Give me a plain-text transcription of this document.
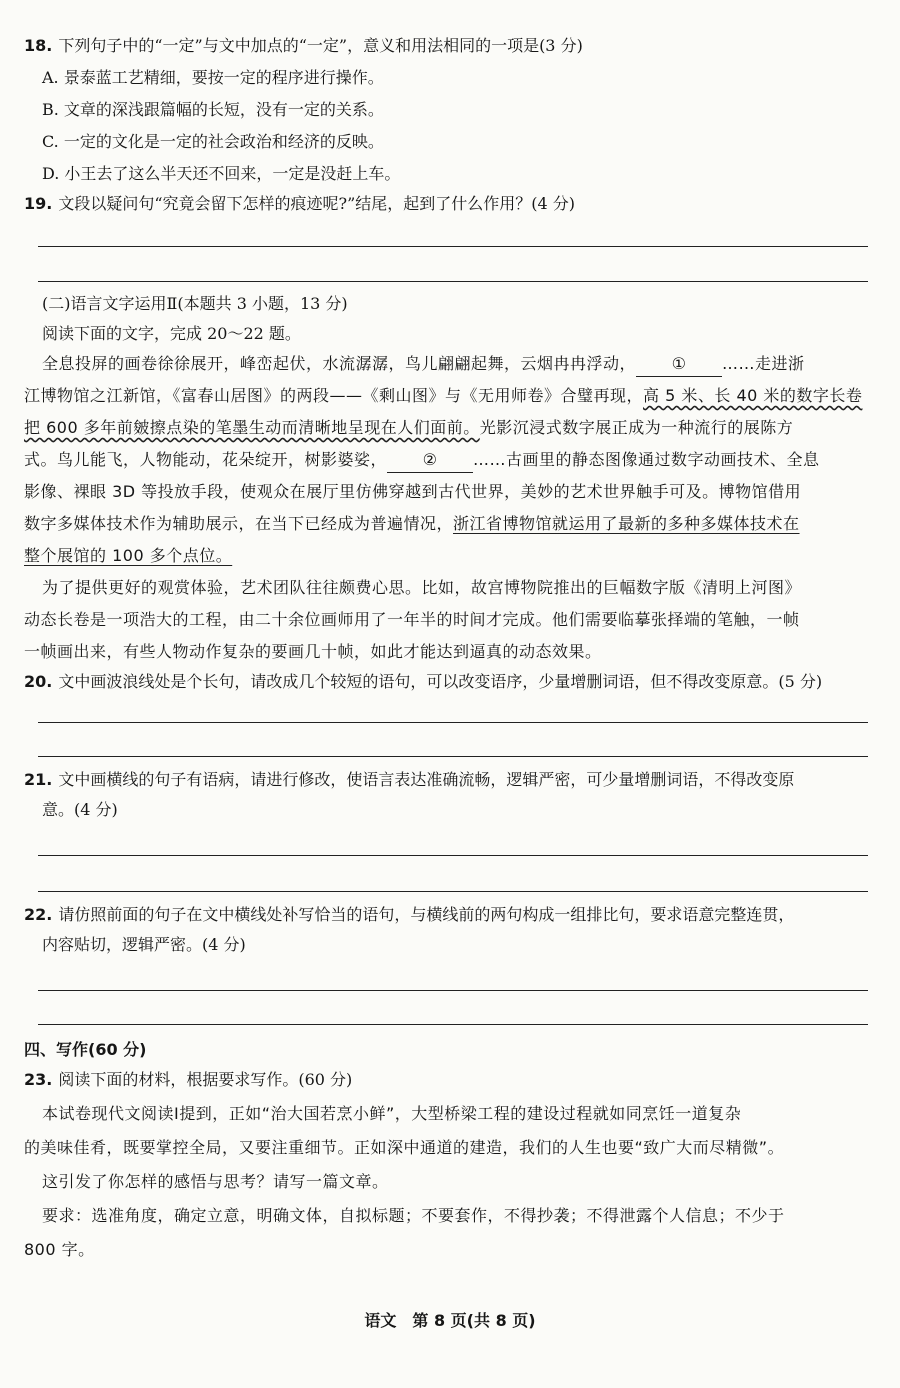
18. 下列句子中的“一定”与文中加点的“一定”，意义和用法相同的一项是(3 分)
A. 景泰蓝工艺精细，要按一定的程序进行操作。
B. 文章的深浅跟篇幅的长短，没有一定的关系。
C. 一定的文化是一定的社会政治和经济的反映。
D. 小王去了这么半天还不回来，一定是没赶上车。
19. 文段以疑问句“究竟会留下怎样的痕迹呢?”结尾，起到了什么作用？(4 分)
(二)语言文字运用Ⅱ(本题共 3 小题，13 分)
阅读下面的文字，完成 20～22 题。
全息投屏的画卷徐徐展开，峰峦起伏，水流潺潺，鸟儿翩翩起舞，云烟冉冉浮动， ① ……走进浙
江博物馆之江新馆，《富春山居图》的两段——《剩山图》与《无用师卷》合璧再现，高 5 米、长 40 米的数字长卷
把 600 多年前皴擦点染的笔墨生动而清晰地呈现在人们面前。光影沉浸式数字展正成为一种流行的展陈方
式。鸟儿能飞，人物能动，花朵绽开，树影婆娑， ② ……古画里的静态图像通过数字动画技术、全息
影像、裸眼 3D 等投放手段，使观众在展厅里仿佛穿越到古代世界，美妙的艺术世界触手可及。博物馆借用
数字多媒体技术作为辅助展示，在当下已经成为普遍情况，浙江省博物馆就运用了最新的多种多媒体技术在
整个展馆的 100 多个点位。
为了提供更好的观赏体验，艺术团队往往颇费心思。比如，故宫博物院推出的巨幅数字版《清明上河图》
动态长卷是一项浩大的工程，由二十余位画师用了一年半的时间才完成。他们需要临摹张择端的笔触，一帧
一帧画出来，有些人物动作复杂的要画几十帧，如此才能达到逼真的动态效果。
20. 文中画波浪线处是个长句，请改成几个较短的语句，可以改变语序，少量增删词语，但不得改变原意。(5 分)
21. 文中画横线的句子有语病，请进行修改，使语言表达准确流畅，逻辑严密，可少量增删词语，不得改变原
意。(4 分)
22. 请仿照前面的句子在文中横线处补写恰当的语句，与横线前的两句构成一组排比句，要求语意完整连贯，
内容贴切，逻辑严密。(4 分)
四、写作(60 分)
23. 阅读下面的材料，根据要求写作。(60 分)
本试卷现代文阅读Ⅰ提到，正如“治大国若烹小鲜”，大型桥梁工程的建设过程就如同烹饪一道复杂
的美味佳肴，既要掌控全局，又要注重细节。正如深中通道的建造，我们的人生也要“致广大而尽精微”。
这引发了你怎样的感悟与思考？请写一篇文章。
要求：选准角度，确定立意，明确文体，自拟标题；不要套作，不得抄袭；不得泄露个人信息；不少于
800 字。
语文　第 8 页(共 8 页)
